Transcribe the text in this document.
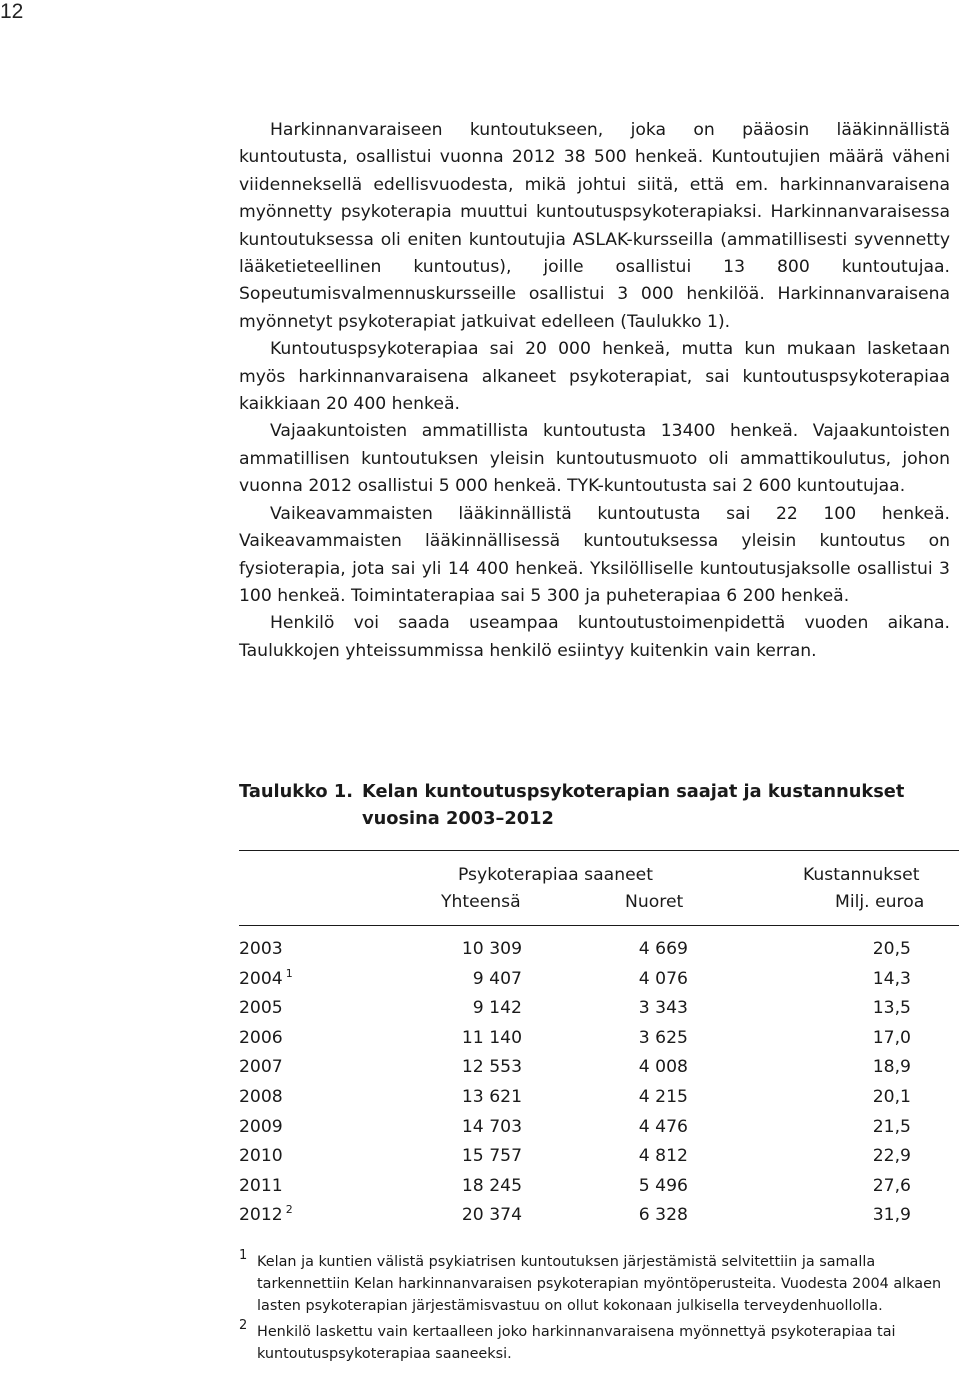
12

Harkinnanvaraiseen kuntoutukseen, joka on pääosin lääkinnällistä kuntoutusta, osallistui vuonna 2012 38 500 henkeä. Kuntoutujien määrä väheni viidenneksellä edellisvuodesta, mikä johtui siitä, että em. harkinnanvaraisena myönnetty psykoterapia muuttui kuntoutuspsykoterapiaksi. Harkinnanvaraisessa kuntoutuksessa oli eniten kuntoutujia ASLAK-kursseilla (ammatillisesti syvennetty lääketieteellinen kuntoutus), joille osallistui 13 800 kuntoutujaa. Sopeutumisvalmennuskursseille osallistui 3 000 henkilöä. Harkinnanvaraisena myönnetyt psykoterapiat jatkuivat edelleen (Taulukko 1).

Kuntoutuspsykoterapiaa sai 20 000 henkeä, mutta kun mukaan lasketaan myös harkinnanvaraisena alkaneet psykoterapiat, sai kuntoutuspsykoterapiaa kaikkiaan 20 400 henkeä.

Vajaakuntoisten ammatillista kuntoutusta 13400 henkeä. Vajaakuntoisten ammatillisen kuntoutuksen yleisin kuntoutusmuoto oli ammattikoulutus, johon vuonna 2012 osallistui 5 000 henkeä. TYK-kuntoutusta sai 2 600 kuntoutujaa.

Vaikeavammaisten lääkinnällistä kuntoutusta sai 22 100 henkeä. Vaikeavammaisten lääkinnällisessä kuntoutuksessa yleisin kuntoutus on fysioterapia, jota sai yli 14 400 henkeä. Yksilölliselle kuntoutusjaksolle osallistui 3 100 henkeä. Toimintaterapiaa sai 5 300 ja puheterapiaa 6 200 henkeä.

Henkilö voi saada useampaa kuntoutustoimenpidettä vuoden aikana. Taulukkojen yhteissummissa henkilö esiintyy kuitenkin vain kerran.

Taulukko 1. Kelan kuntoutuspsykoterapian saajat ja kustannukset vuosina 2003–2012
Psykoterapiaa saaneet	Kustannukset
Yhteensä	Nuoret	Milj. euroa
2003	10 309	4 669	20,5
2004 $^1$	9 407	4 076	14,3
2005	9 142	3 343	13,5
2006	11 140	3 625	17,0
2007	12 553	4 008	18,9
2008	13 621	4 215	20,1
2009	14 703	4 476	21,5
2010	15 757	4 812	22,9
2011	18 245	5 496	27,6
2012 $^2$	20 374	6 328	31,9
1 Kelan ja kuntien välistä psykiatrisen kuntoutuksen järjestämistä selvitettiin ja samalla tarkennettiin Kelan harkinnanvaraisen psykoterapian myöntöperusteita. Vuodesta 2004 alkaen lasten psykoterapian järjestämisvastuu on ollut kokonaan julkisella terveydenhuollolla.
2 Henkilö laskettu vain kertaalleen joko harkinnanvaraisena myönnettyä psykoterapiaa tai kuntoutuspsykoterapiaa saaneeksi.
